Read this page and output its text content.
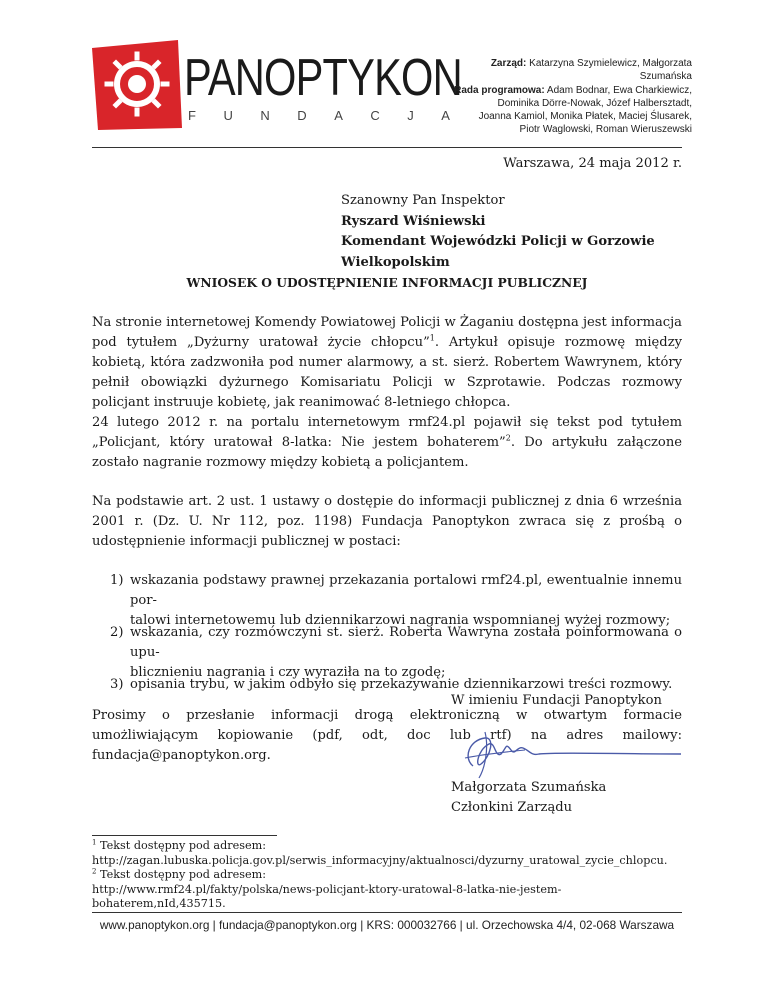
PANOPTYKON
F U N D A C J A
Zarząd: Katarzyna Szymielewicz, Małgorzata Szumańska
Rada programowa: Adam Bodnar, Ewa Charkiewicz,
Dominika Dörre-Nowak, Józef Halbersztadt,
Joanna Kamiol, Monika Płatek, Maciej Ślusarek,
Piotr Waglowski, Roman Wieruszewski
Warszawa, 24 maja 2012 r.
Szanowny Pan Inspektor
Ryszard Wiśniewski
Komendant Wojewódzki Policji w Gorzowie
Wielkopolskim
WNIOSEK O UDOSTĘPNIENIE INFORMACJI PUBLICZNEJ
Na stronie internetowej Komendy Powiatowej Policji w Żaganiu dostępna jest informacja pod tytułem „Dyżurny uratował życie chłopcu”$^1$. Artykuł opisuje rozmowę między kobietą, która zadzwoniła pod numer alarmowy, a st. sierż. Robertem Wawrynem, który pełnił obowiązki dyżurnego Komisariatu Policji w Szprotawie. Podczas rozmowy policjant instruuje kobietę, jak reanimować 8-letniego chłopca.
24 lutego 2012 r. na portalu internetowym rmf24.pl pojawił się tekst pod tytułem „Policjant, który uratował 8-latka: Nie jestem bohaterem”$^2$. Do artykułu załączone zostało nagranie rozmowy między kobietą a policjantem.
Na podstawie art. 2 ust. 1 ustawy o dostępie do informacji publicznej z dnia 6 września 2001 r. (Dz. U. Nr 112, poz. 1198) Fundacja Panoptykon zwraca się z prośbą o udostępnienie informacji publicznej w postaci:
1) wskazania podstawy prawnej przekazania portalowi rmf24.pl, ewentualnie innemu por-
talowi internetowemu lub dziennikarzowi nagrania wspomnianej wyżej rozmowy;
2) wskazania, czy rozmówczyni st. sierż. Roberta Wawryna została poinformowana o upu-
blicznieniu nagrania i czy wyraziła na to zgodę;
3) opisania trybu, w jakim odbyło się przekazywanie dziennikarzowi treści rozmowy.
Prosimy o przesłanie informacji drogą elektroniczną w otwartym formacie umożliwiającym kopiowanie (pdf, odt, doc lub rtf) na adres mailowy: fundacja@panoptykon.org.
W imieniu Fundacji Panoptykon
Małgorzata Szumańska
Członkini Zarządu
$^1$ Tekst dostępny pod adresem:
http://zagan.lubuska.policja.gov.pl/serwis_informacyjny/aktualnosci/dyzurny_uratowal_zycie_chlopcu.
$^2$ Tekst dostępny pod adresem:
http://www.rmf24.pl/fakty/polska/news-policjant-ktory-uratowal-8-latka-nie-jestem-
bohaterem,nId,435715.
www.panoptykon.org | fundacja@panoptykon.org | KRS: 000032766 | ul. Orzechowska 4/4, 02-068 Warszawa
